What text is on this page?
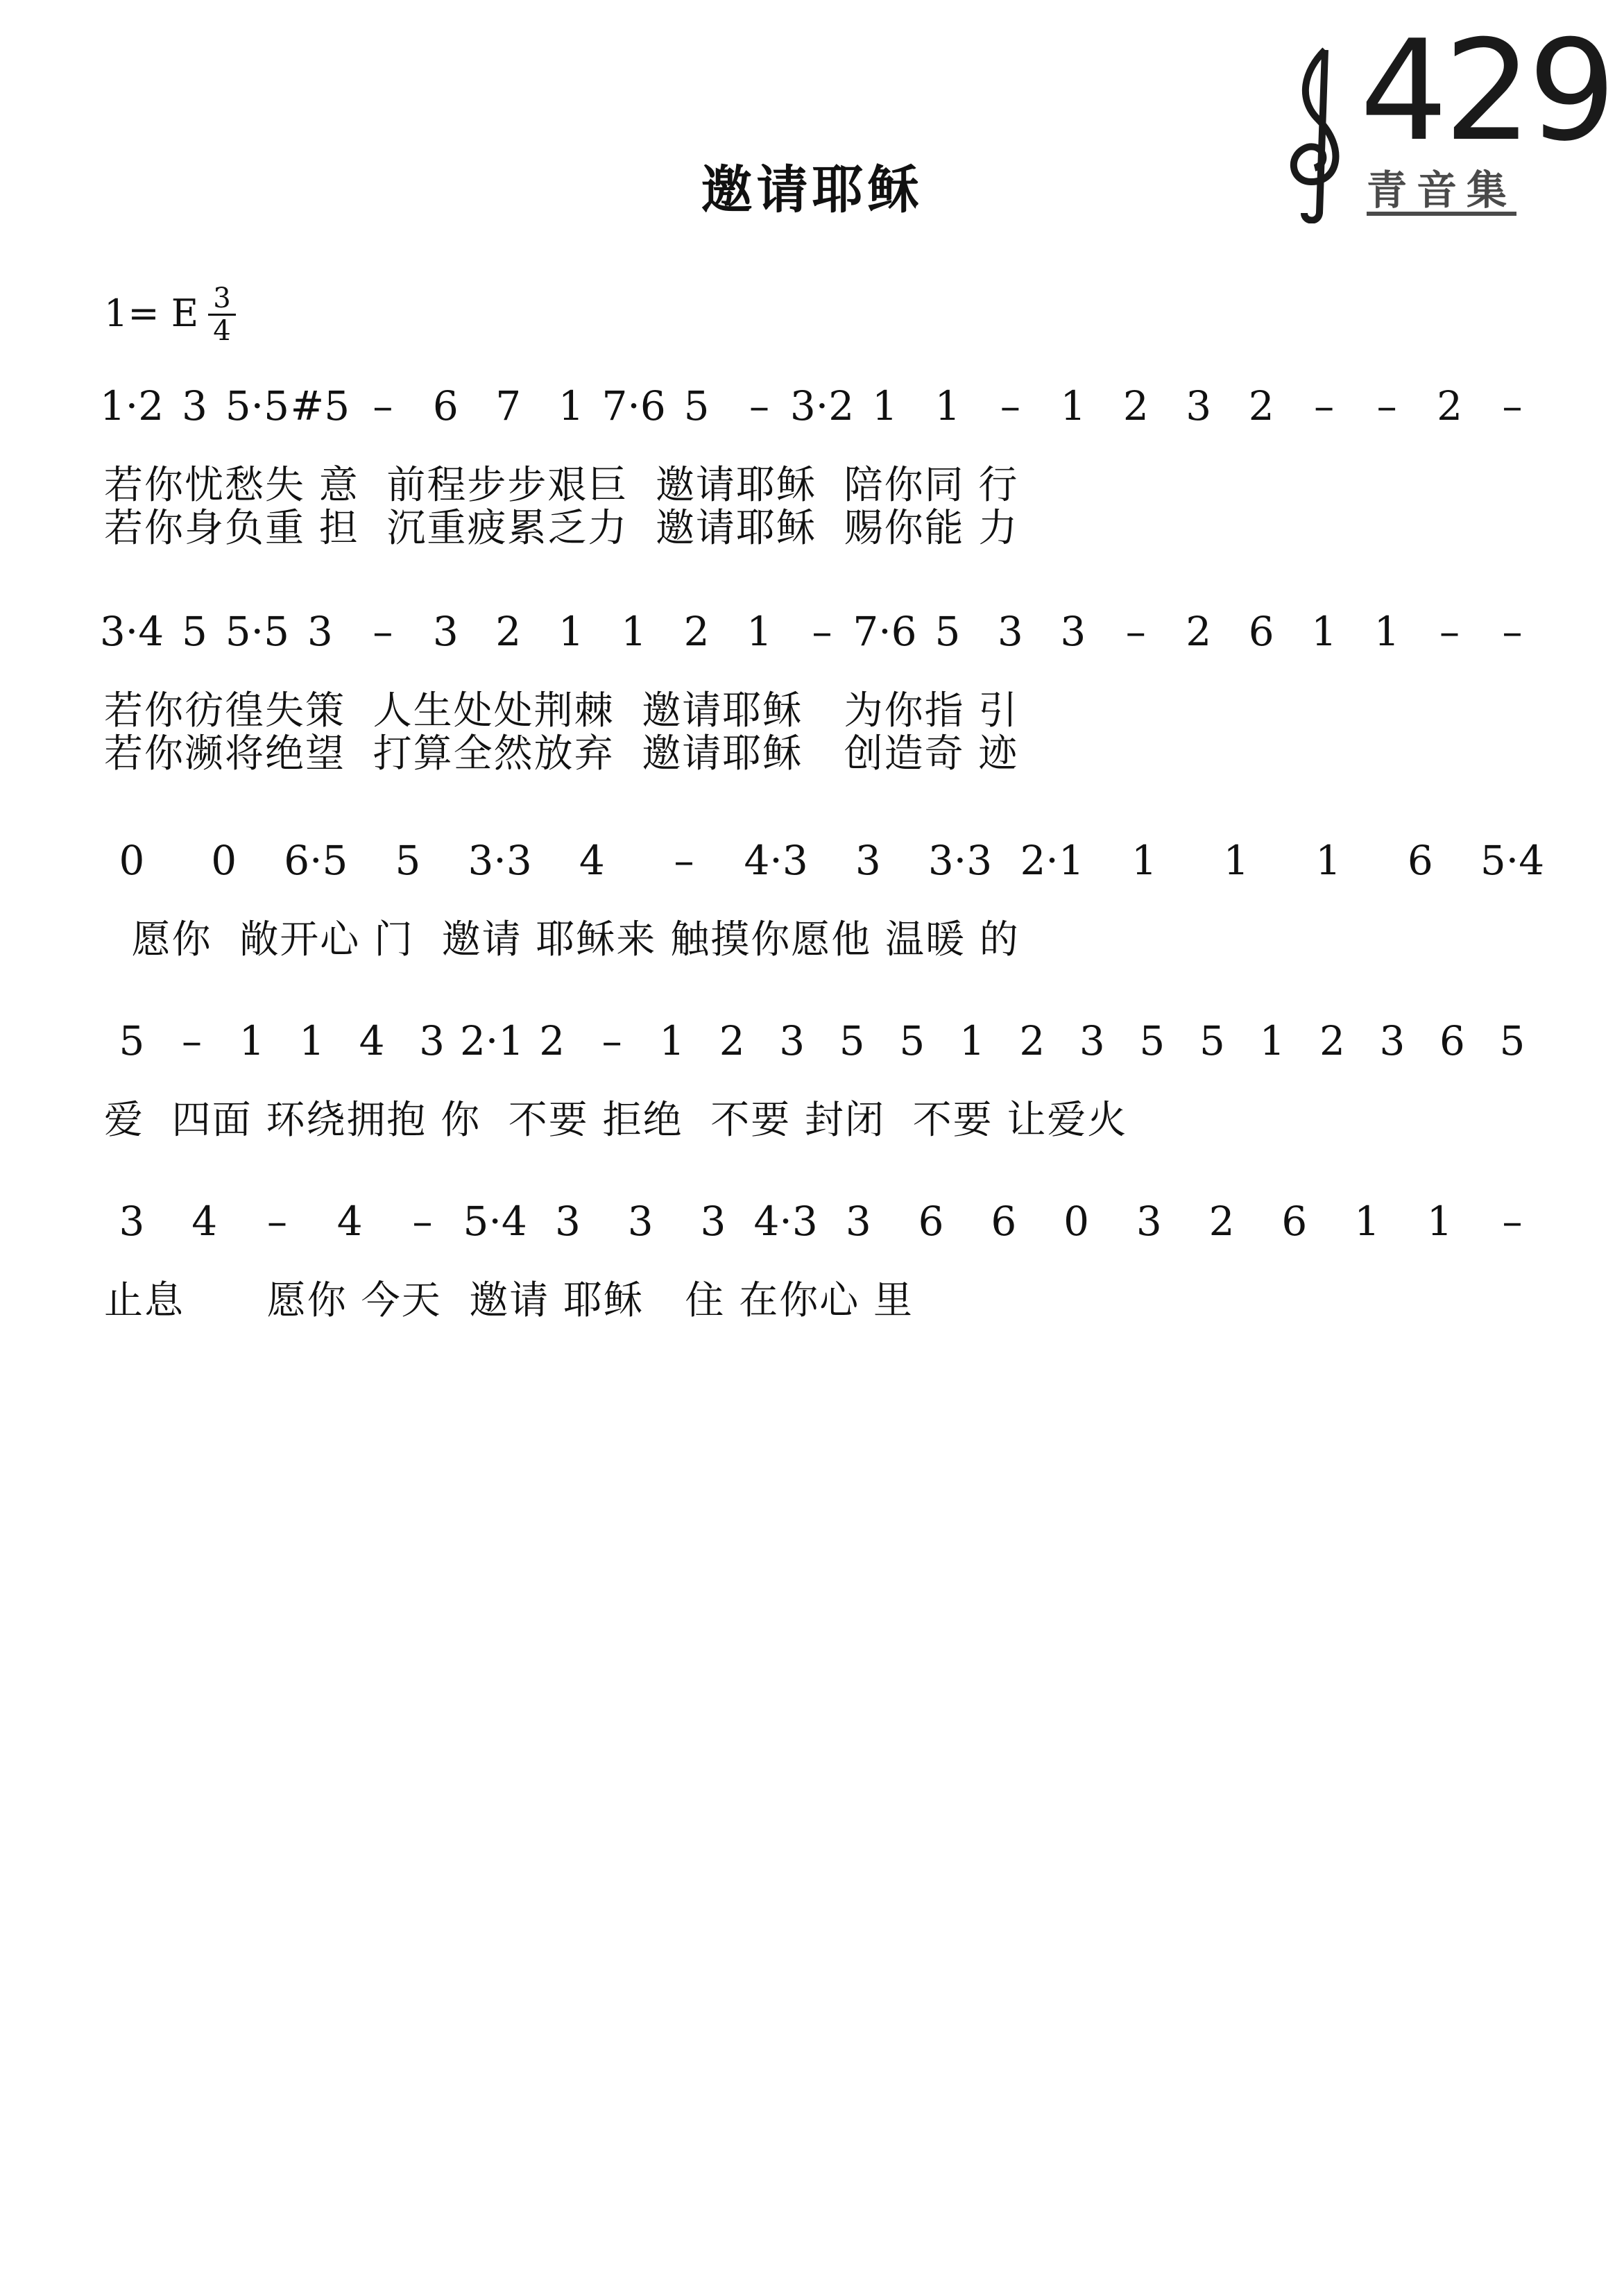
邀请耶稣
429
青音集
1= E 3
4
1·2 3 5·5 #5 – 6 7 1 7·6 5 – 3·2 1 1 – 1 2 3 2 – – 2 –
若你忧愁失 意  前程步步艰巨  邀请耶稣  陪你同 行
若你身负重 担  沉重疲累乏力  邀请耶稣  赐你能 力
3·4 5 5·5 3 – 3 2 1 1 2 1 – 7·6 5 3 3 – 2 6 1 1 – –
若你彷徨失策  人生处处荆棘  邀请耶稣   为你指 引
若你濒将绝望  打算全然放弃  邀请耶稣   创造奇 迹
0 0 6·5 5 3·3 4 – 4·3 3 3·3 2·1 1 1 1 6 5·4
愿你  敞开心 门  邀请 耶稣来 触摸你愿他 温暖 的
5 – 1 1 4 3 2·1 2 – 1 2 3 5 5 1 2 3 5 5 1 2 3 6 5
爱  四面 环绕拥抱 你  不要 拒绝  不要 封闭  不要 让爱火
3 4 – 4 – 5·4 3 3 3 4·3 3 6 6 0 3 2 6 1 1 –
止息      愿你 今天  邀请 耶稣   住 在你心 里
